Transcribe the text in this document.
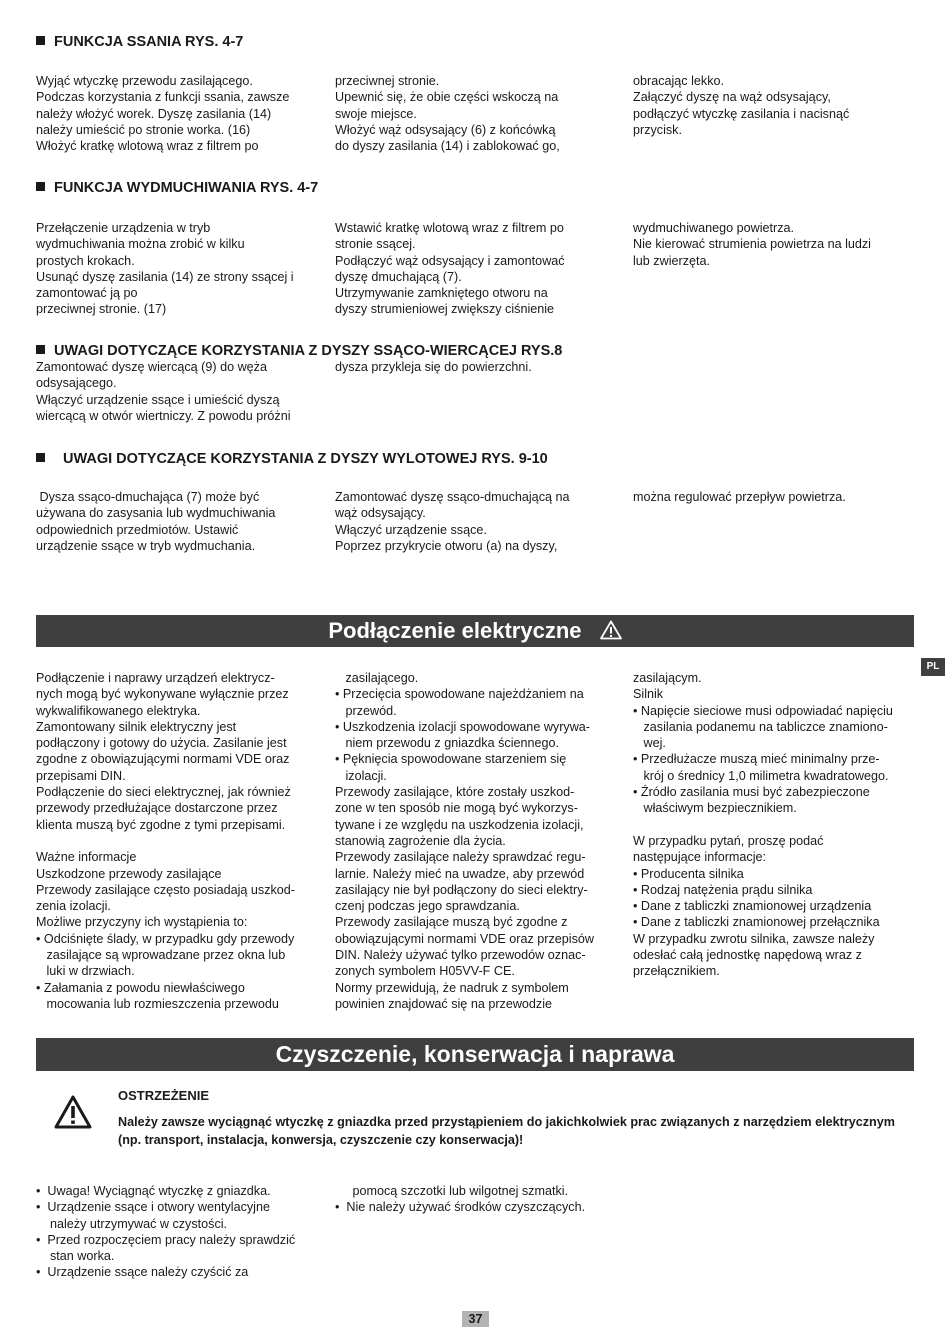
FUNKCJA SSANIA RYS. 4-7
Wyjąć wtyczkę przewodu zasilającego.
Podczas korzystania z funkcji ssania, zawsze
należy włożyć worek. Dyszę zasilania (14)
należy umieścić po stronie worka. (16)
Włożyć kratkę wlotową wraz z filtrem po
przeciwnej stronie.
Upewnić się, że obie części wskoczą na
swoje miejsce.
Włożyć wąż odsysający (6) z końcówką
do dyszy zasilania (14) i zablokować go,
obracając lekko.
Załączyć dyszę na wąż odsysający,
podłączyć wtyczkę zasilania i nacisnąć
przycisk.
FUNKCJA WYDMUCHIWANIA RYS. 4-7
Przełączenie urządzenia w tryb
wydmuchiwania można zrobić w kilku
prostych krokach.
Usunąć dyszę zasilania (14) ze strony ssącej i
zamontować ją po
przeciwnej stronie. (17)
Wstawić kratkę wlotową wraz z filtrem po
stronie ssącej.
Podłączyć wąż odsysający i zamontować
dyszę dmuchającą (7).
Utrzymywanie zamkniętego otworu na
dyszy strumieniowej zwiększy ciśnienie
wydmuchiwanego powietrza.
Nie kierować strumienia powietrza na ludzi
lub zwierzęta.
UWAGI DOTYCZĄCE KORZYSTANIA Z DYSZY SSĄCO-WIERCĄCEJ RYS.8
Zamontować dyszę wiercącą (9) do węża
odsysającego.
Włączyć urządzenie ssące i umieścić dyszą
wiercącą w otwór wiertniczy. Z powodu próżni
dysza przykleja się do powierzchni.
UWAGI DOTYCZĄCE KORZYSTANIA Z DYSZY WYLOTOWEJ RYS. 9-10
Dysza ssąco-dmuchająca (7) może być
używana do zasysania lub wydmuchiwania
odpowiednich przedmiotów. Ustawić
urządzenie ssące w tryb wydmuchania.
Zamontować dyszę ssąco-dmuchającą na
wąż odsysający.
Włączyć urządzenie ssące.
Poprzez przykrycie otworu (a) na dyszy,
można regulować przepływ powietrza.
Podłączenie elektryczne
PL
Podłączenie i naprawy urządzeń elektrycz-
nych mogą być wykonywane wyłącznie przez
wykwalifikowanego elektryka.
Zamontowany silnik elektryczny jest
podłączony i gotowy do użycia. Zasilanie jest
zgodne z obowiązującymi normami VDE oraz
przepisami DIN.
Podłączenie do sieci elektrycznej, jak również
przewody przedłużające dostarczone przez
klienta muszą być zgodne z tymi przepisami.

Ważne informacje
Uszkodzone przewody zasilające
Przewody zasilające często posiadają uszkod-
zenia izolacji.
Możliwe przyczyny ich wystąpienia to:
• Odciśnięte ślady, w przypadku gdy przewody
zasilające są wprowadzane przez okna lub
luki w drzwiach.
• Załamania z powodu niewłaściwego
mocowania lub rozmieszczenia przewodu
zasilającego.
• Przecięcia spowodowane najeżdżaniem na
przewód.
• Uszkodzenia izolacji spowodowane wyrywa-
niem przewodu z gniazdka ściennego.
• Pęknięcia spowodowane starzeniem się
izolacji.
Przewody zasilające, które zostały uszkod-
zone w ten sposób nie mogą być wykorzys-
tywane i ze względu na uszkodzenia izolacji,
stanowią zagrożenie dla życia.
Przewody zasilające należy sprawdzać regu-
larnie. Należy mieć na uwadze, aby przewód
zasilający nie był podłączony do sieci elektry-
czenj podczas jego sprawdzania.
Przewody zasilające muszą być zgodne z
obowiązującymi normami VDE oraz przepisów
DIN. Należy używać tylko przewodów oznac-
zonych symbolem H05VV-F CE.
Normy przewidują, że nadruk z symbolem
powinien znajdować się na przewodzie
zasilającym.
Silnik
• Napięcie sieciowe musi odpowiadać napięciu
zasilania podanemu na tabliczce znamiono-
wej.
• Przedłużacze muszą mieć minimalny prze-
krój o średnicy 1,0 milimetra kwadratowego.
• Źródło zasilania musi być zabezpieczone
właściwym bezpiecznikiem.

W przypadku pytań, proszę podać
następujące informacje:
• Producenta silnika
• Rodzaj natężenia prądu silnika
• Dane z tabliczki znamionowej urządzenia
• Dane z tabliczki znamionowej przełącznika
W przypadku zwrotu silnika, zawsze należy
odesłać całą jednostkę napędową wraz z
przełącznikiem.
Czyszczenie, konserwacja i naprawa
OSTRZEŻENIE
Należy zawsze wyciągnąć wtyczkę z gniazdka przed przystąpieniem do jakichkolwiek prac związanych z narzędziem elektrycznym (np. transport, instalacja, konwersja, czyszczenie czy konserwacja)!
•  Uwaga! Wyciągnąć wtyczkę z gniazdka.
•  Urządzenie ssące i otwory wentylacyjne
należy utrzymywać w czystości.
•  Przed rozpoczęciem pracy należy sprawdzić
stan worka.
•  Urządzenie ssące należy czyścić za
pomocą szczotki lub wilgotnej szmatki.
•  Nie należy używać środków czyszczących.
37
